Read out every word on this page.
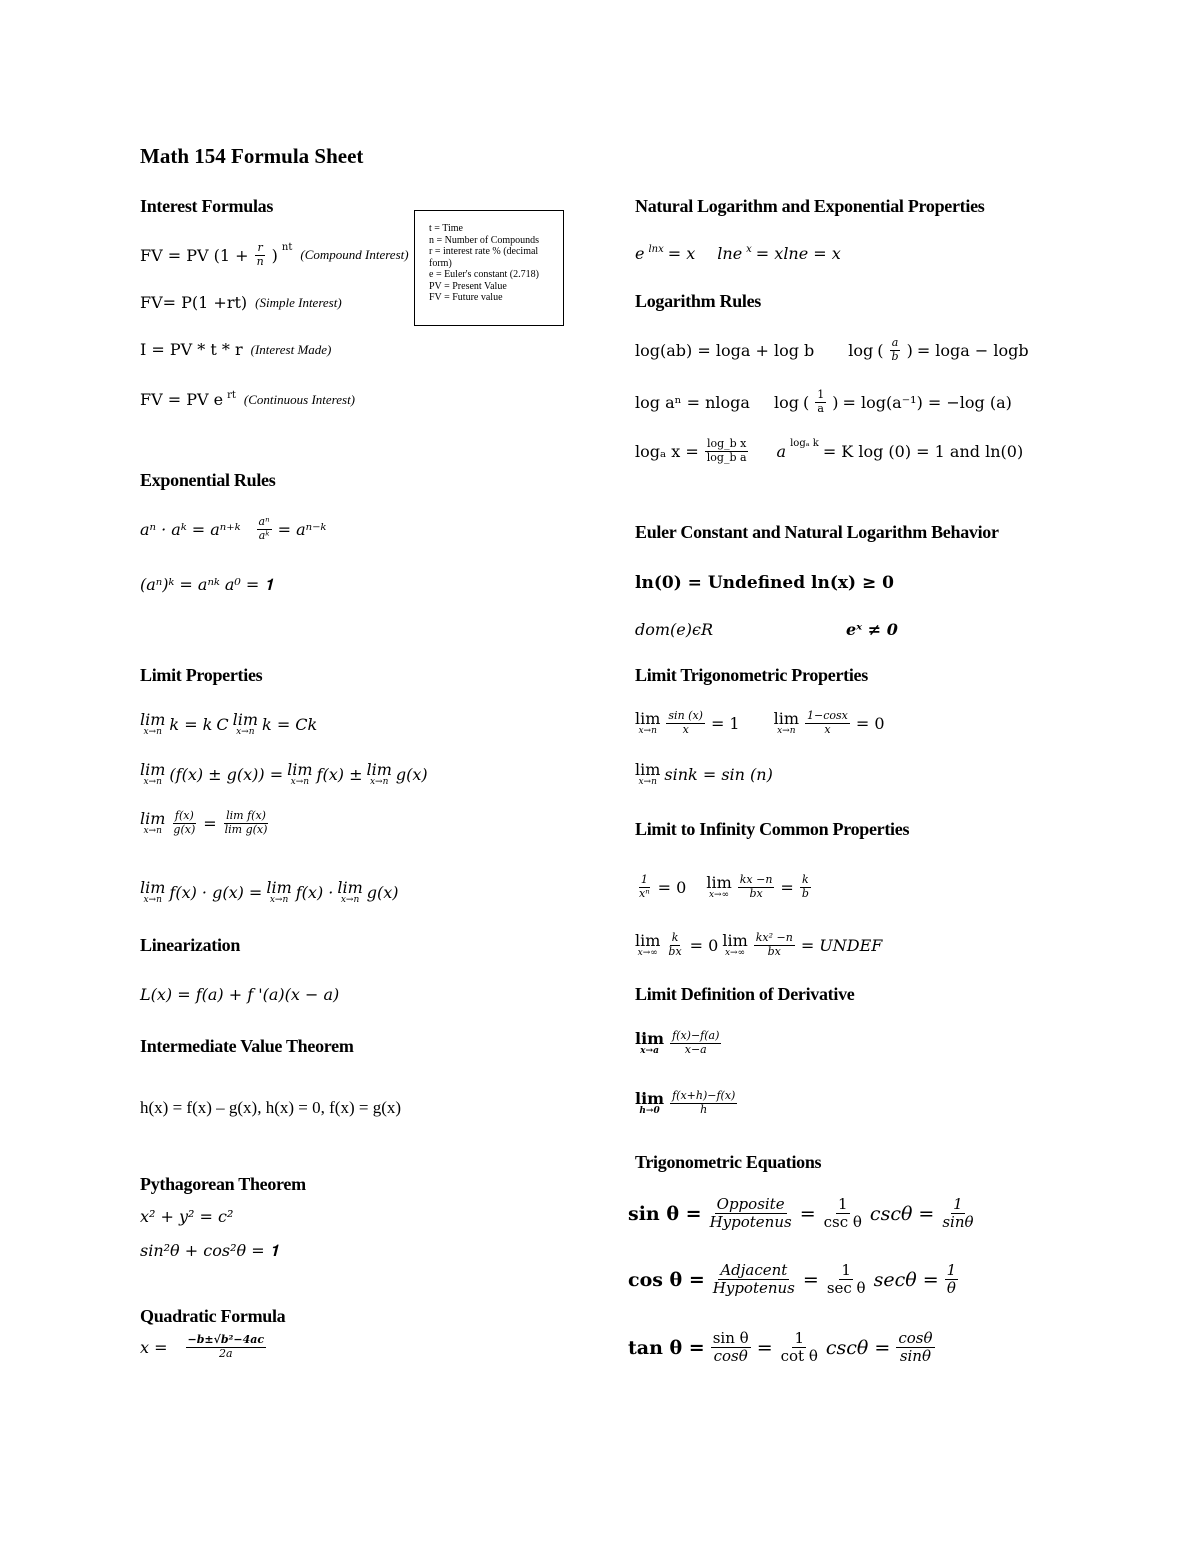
Math 154 Formula Sheet
Interest Formulas
FV = PV ($1 + \frac{r}{n}$ ) $^{nt}$ (Compound Interest)
FV= P(1 +rt) (Simple Interest)
I = PV * t * r (Interest Made)
FV = PV e $^{rt}$ (Continuous Interest)
t = Time
n = Number of Compounds
r = interest rate % (decimal form)
e = Euler's constant (2.718)
PV = Present Value
FV = Future value
Exponential Rules
aⁿ · aᵏ = aⁿ⁺ᵏ $\frac{\text{aⁿ}}{\text{aᵏ}}$ = aⁿ⁻ᵏ
(aⁿ)ᵏ = aⁿᵏ a⁰ = 𝟏
Limit Properties
lim
x→n k = k C lim
x→n k = Ck
lim
x→n (f(x) ± g(x)) = lim
x→n f(x) ± lim
x→n g(x)
lim
$x\to n \frac{f(x)}{g(x)} = \frac{\text{lim f(x)}}{\text{lim g(x)}}$
lim
x→n f(x) · g(x) = lim
x→n f(x) · lim
x→n g(x)
Linearization
L(x) = f(a) + f '(a)(x − a)
Intermediate Value Theorem
h(x) = f(x) – g(x), h(x) = 0, f(x) = g(x)
Pythagorean Theorem
x² + y² = c²
sin²θ + cos²θ = 𝟏
Quadratic Formula
$x = \frac{\text{−b±√b²−4ac}}{2a}$
Natural Logarithm and Exponential Properties
e $^{lnx}$ = x lne $^x$ = xlne = x
Logarithm Rules
log(ab) = loga + log b log ( $\frac{a}{b}$ ) = loga − logb
log aⁿ = nloga log ( $\frac{1}{a}$ ) = log(a⁻¹) = −log (a)
logₐ $x = \frac{\text{log\_b x}}{\text{log\_b a}}$ a $^{log_a k}$ = K log (0) = 1 and ln(0)
Euler Constant and Natural Logarithm Behavior
ln(0) = Undefined ln(x) ≥ 0
dom(e)ϵR	eˣ ≠ 0
Limit Trigonometric Properties
lim
$x\to n \frac{\sin (x)}{x} = 1$ lim
$x\to n \frac{1-\cos x}{x} = 0$
lim
x→n sink = sin (n)
Limit to Infinity Common Properties
$\frac{1}{\text{xⁿ}} = 0$ lim
$x\to\infty \frac{kx -n}{bx} = \frac{k}{b}$
lim
$x\to\infty \frac{k}{bx} = 0$ lim
$x\to\infty \frac{\text{kx² −n}}{bx}$ = UNDEF
Limit Definition of Derivative
lim
$x\to a \frac{f(x)-f(a)}{x-a}$
lim
$h\to 0 \frac{f(x+h)-f(x)}{h}$
Trigonometric Equations
$\sin \theta = \frac{\text{Opposite}}{\text{Hypotenus}} = \frac{1}{\text{csc θ}}$ $\csc\theta = \frac{1}{\sin\theta}$
$\cos \theta = \frac{\text{Adjacent}}{\text{Hypotenus}} = \frac{1}{\text{sec θ}}$ $\sec\theta = \frac{1}{\theta}$
$\tan \theta = \frac{\text{sin θ}}{\cos\theta} = \frac{1}{\text{cot θ}}$ $\csc\theta = \frac{\cos\theta}{\sin\theta}$
